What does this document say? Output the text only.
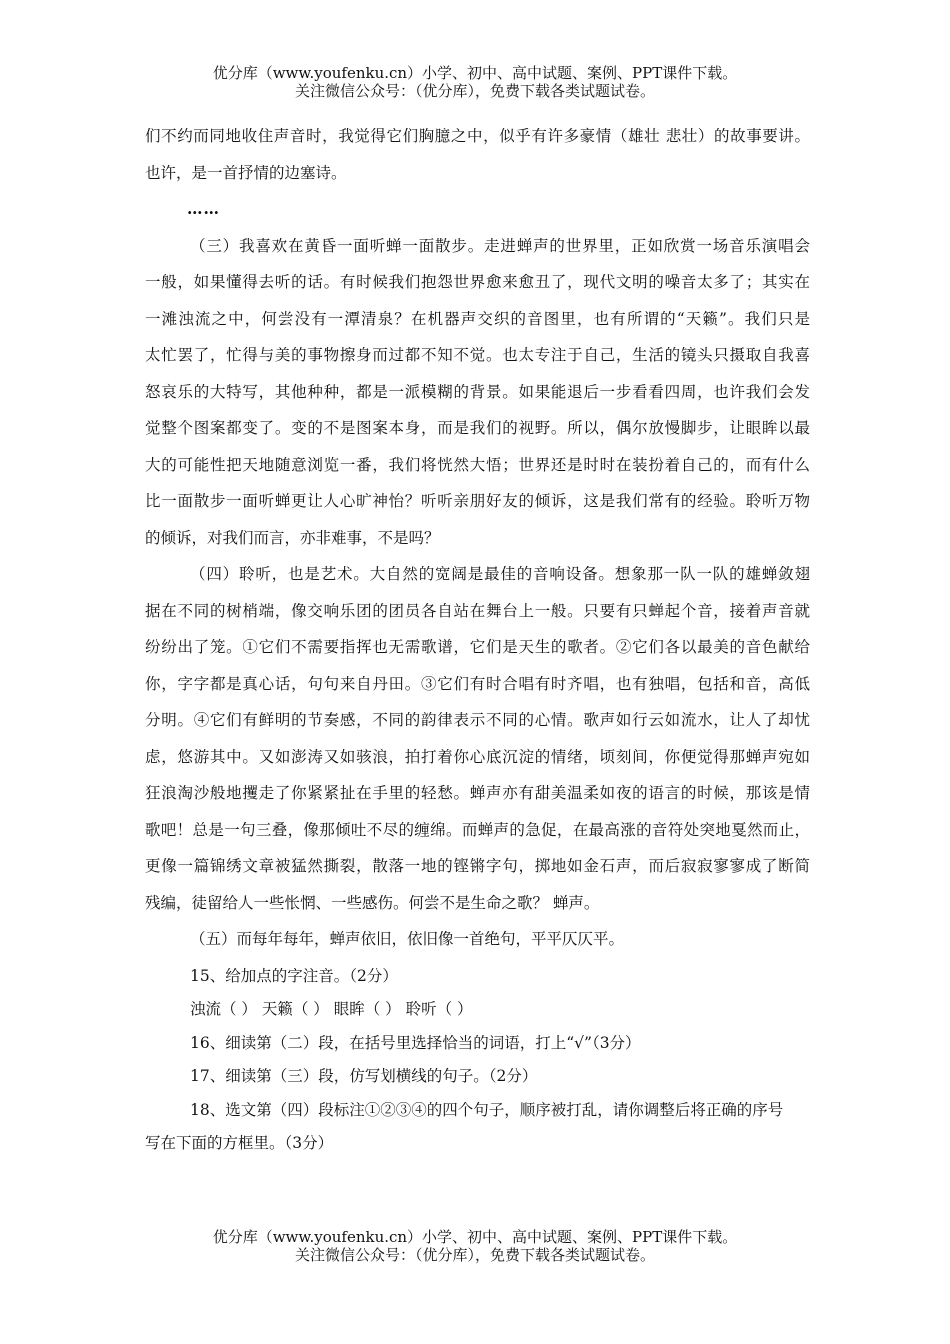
优分库（www.youfenku.cn）小学、初中、高中试题、案例、PPT课件下载。
关注微信公众号：（优分库），免费下载各类试题试卷。
们不约而同地收住声音时，我觉得它们胸臆之中，似乎有许多豪情（雄壮 悲壮）的故事要讲。
也许，是一首抒情的边塞诗。
……
（三）我喜欢在黄昏一面听蝉一面散步。走进蝉声的世界里，正如欣赏一场音乐演唱会
一般，如果懂得去听的话。有时候我们抱怨世界愈来愈丑了，现代文明的噪音太多了；其实在
一滩浊流之中，何尝没有一潭清泉？在机器声交织的音图里，也有所谓的“天籁”。我们只是
太忙罢了，忙得与美的事物擦身而过都不知不觉。也太专注于自己，生活的镜头只摄取自我喜
怒哀乐的大特写，其他种种，都是一派模糊的背景。如果能退后一步看看四周，也许我们会发
觉整个图案都变了。变的不是图案本身，而是我们的视野。所以，偶尔放慢脚步，让眼眸以最
大的可能性把天地随意浏览一番，我们将恍然大悟；世界还是时时在装扮着自己的，而有什么
比一面散步一面听蝉更让人心旷神怡？听听亲朋好友的倾诉，这是我们常有的经验。聆听万物
的倾诉，对我们而言，亦非难事，不是吗？
（四）聆听，也是艺术。大自然的宽阔是最佳的音响设备。想象那一队一队的雄蝉敛翅
据在不同的树梢端，像交响乐团的团员各自站在舞台上一般。只要有只蝉起个音，接着声音就
纷纷出了笼。①它们不需要指挥也无需歌谱，它们是天生的歌者。②它们各以最美的音色献给
你，字字都是真心话，句句来自丹田。③它们有时合唱有时齐唱，也有独唱，包括和音，高低
分明。④它们有鲜明的节奏感，不同的韵律表示不同的心情。歌声如行云如流水，让人了却忧
虑，悠游其中。又如澎涛又如骇浪，拍打着你心底沉淀的情绪，顷刻间，你便觉得那蝉声宛如
狂浪淘沙般地攫走了你紧紧扯在手里的轻愁。蝉声亦有甜美温柔如夜的语言的时候，那该是情
歌吧！总是一句三叠，像那倾吐不尽的缠绵。而蝉声的急促，在最高涨的音符处突地戛然而止，
更像一篇锦绣文章被猛然撕裂，散落一地的铿锵字句，掷地如金石声，而后寂寂寥寥成了断简
残编，徒留给人一些怅惘、一些感伤。何尝不是生命之歌？ 蝉声。
（五）而每年每年，蝉声依旧，依旧像一首绝句，平平仄仄平。
15、给加点的字注音。（2分）
浊流（ ） 天籁（ ） 眼眸（ ） 聆听（ ）
16、细读第（二）段，在括号里选择恰当的词语，打上“√”（3分）
17、细读第（三）段，仿写划横线的句子。（2分）
18、选文第（四）段标注①②③④的四个句子，顺序被打乱，请你调整后将正确的序号
写在下面的方框里。（3分）
优分库（www.youfenku.cn）小学、初中、高中试题、案例、PPT课件下载。
关注微信公众号：（优分库），免费下载各类试题试卷。
